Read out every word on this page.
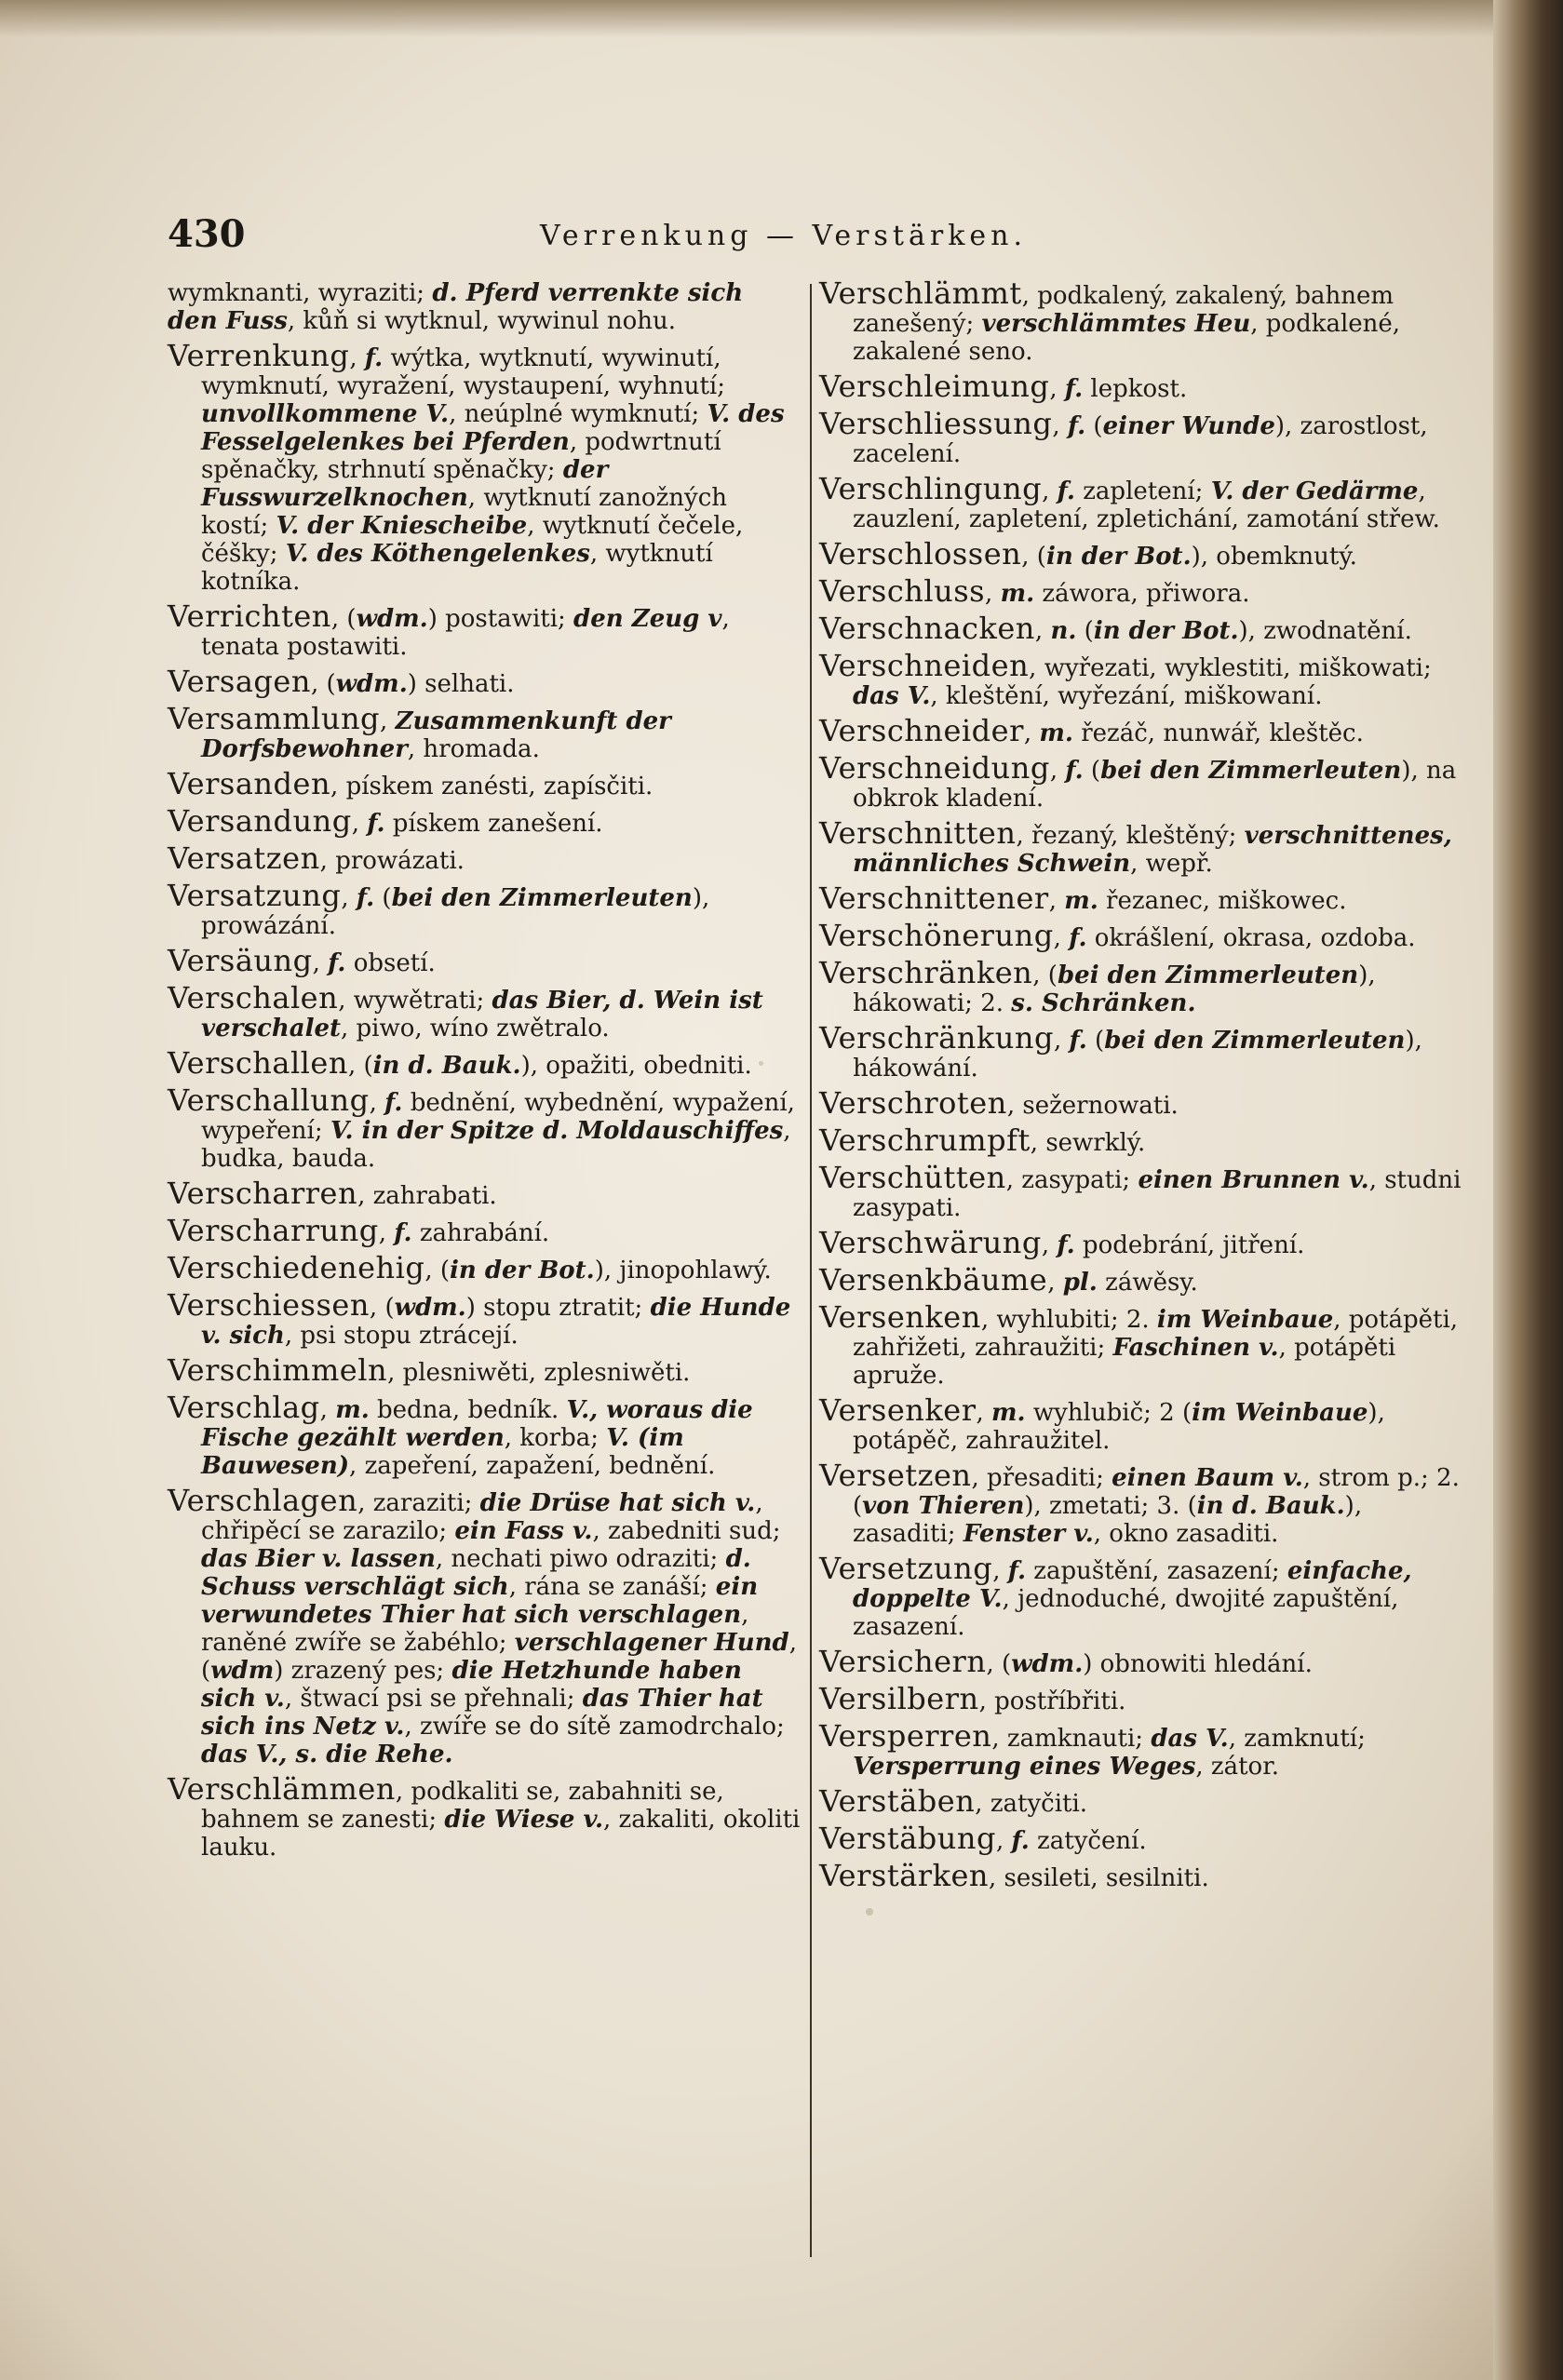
430	Verrenkung — Verstärken.

wymknanti, wyraziti; d. Pferd verrenkte sich den Fuss, kůň si wytknul, wywinul nohu.

Verrenkung, f. wýtka, wytknutí, wywinutí, wymknutí, wyražení, wystaupení, wyhnutí; unvollkommene V., neúplné wymknutí; V. des Fesselgelenkes bei Pferden, podwrtnutí spěnačky, strhnutí spěnačky; der Fusswurzelknochen, wytknutí zanožných kostí; V. der Kniescheibe, wytknutí čečele, čéšky; V. des Köthengelenkes, wytknutí kotníka.

Verrichten, (wdm.) postawiti; den Zeug v, tenata postawiti.

Versagen, (wdm.) selhati.

Versammlung, Zusammenkunft der Dorfsbewohner, hromada.

Versanden, pískem zanésti, zapísčiti.

Versandung, f. pískem zanešení.

Versatzen, prowázati.

Versatzung, f. (bei den Zimmerleuten), prowázání.

Versäung, f. obsetí.

Verschalen, wywětrati; das Bier, d. Wein ist verschalet, piwo, wíno zwětralo.

Verschallen, (in d. Bauk.), opažiti, obedniti.

Verschallung, f. bednění, wybednění, wypažení, wypeření; V. in der Spitze d. Moldauschiffes, budka, bauda.

Verscharren, zahrabati.

Verscharrung, f. zahrabání.

Verschiedenehig, (in der Bot.), jinopohlawý.

Verschiessen, (wdm.) stopu ztratit; die Hunde v. sich, psi stopu ztrácejí.

Verschimmeln, plesniwěti, zplesniwěti.

Verschlag, m. bedna, bedník. V., woraus die Fische gezählt werden, korba; V. (im Bauwesen), zapeření, zapažení, bednění.

Verschlagen, zaraziti; die Drüse hat sich v., chřipěcí se zarazilo; ein Fass v., zabedniti sud; das Bier v. lassen, nechati piwo odraziti; d. Schuss verschlägt sich, rána se zanáší; ein verwundetes Thier hat sich verschlagen, raněné zwíře se žabéhlo; verschlagener Hund, (wdm) zrazený pes; die Hetzhunde haben sich v., štwací psi se přehnali; das Thier hat sich ins Netz v., zwíře se do sítě zamodrchalo; das V., s. die Rehe.

Verschlämmen, podkaliti se, zabahniti se, bahnem se zanesti; die Wiese v., zakaliti, okoliti lauku.

Verschlämmt, podkalený, zakalený, bahnem zanešený; verschlämmtes Heu, podkalené, zakalené seno.

Verschleimung, f. lepkost.

Verschliessung, f. (einer Wunde), zarostlost, zacelení.

Verschlingung, f. zapletení; V. der Gedärme, zauzlení, zapletení, zpletichání, zamotání střew.

Verschlossen, (in der Bot.), obemknutý.

Verschluss, m. záwora, přiwora.

Verschnacken, n. (in der Bot.), zwodnatění.

Verschneiden, wyřezati, wyklestiti, miškowati; das V., kleštění, wyřezání, miškowaní.

Verschneider, m. řezáč, nunwář, kleštěc.

Verschneidung, f. (bei den Zimmerleuten), na obkrok kladení.

Verschnitten, řezaný, kleštěný; verschnittenes, männliches Schwein, wepř.

Verschnittener, m. řezanec, miškowec.

Verschönerung, f. okrášlení, okrasa, ozdoba.

Verschränken, (bei den Zimmerleuten), hákowati; 2. s. Schränken.

Verschränkung, f. (bei den Zimmerleuten), hákowání.

Verschroten, sežernowati.

Verschrumpft, sewrklý.

Verschütten, zasypati; einen Brunnen v., studni zasypati.

Verschwärung, f. podebrání, jitření.

Versenkbäume, pl. záwěsy.

Versenken, wyhlubiti; 2. im Weinbaue, potápěti, zahřižeti, zahraužiti; Faschinen v., potápěti apruže.

Versenker, m. wyhlubič; 2 (im Weinbaue), potápěč, zahraužitel.

Versetzen, přesaditi; einen Baum v., strom p.; 2. (von Thieren), zmetati; 3. (in d. Bauk.), zasaditi; Fenster v., okno zasaditi.

Versetzung, f. zapuštění, zasazení; einfache, doppelte V., jednoduché, dwojité zapuštění, zasazení.

Versichern, (wdm.) obnowiti hledání.

Versilbern, postříbřiti.

Versperren, zamknauti; das V., zamknutí; Versperrung eines Weges, zátor.

Verstäben, zatyčiti.

Verstäbung, f. zatyčení.

Verstärken, sesileti, sesilniti.
